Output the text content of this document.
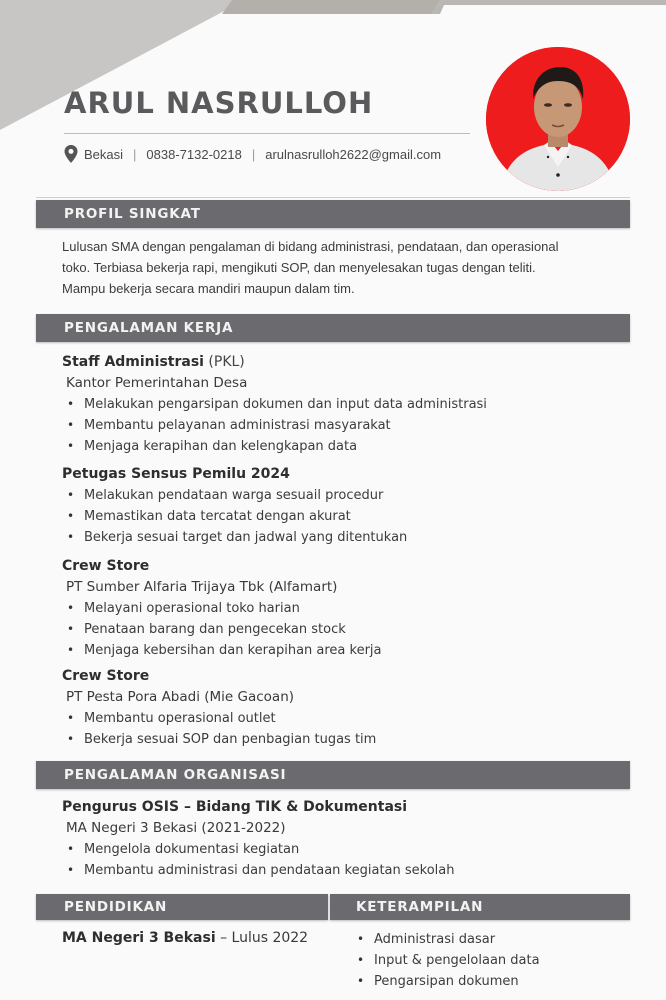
ARUL NASRULLOH
Bekasi | 0838-7132-0218 | arulnasrulloh2622@gmail.com
PROFIL SINGKAT
Lulusan SMA dengan pengalaman di bidang administrasi, pendataan, dan operasional
toko. Terbiasa bekerja rapi, mengikuti SOP, dan menyelesakan tugas dengan teliti.
Mampu bekerja secara mandiri maupun dalam tim.
PENGALAMAN KERJA
Staff Administrasi (PKL)
Kantor Pemerintahan Desa
• Melakukan pengarsipan dokumen dan input data administrasi
• Membantu pelayanan administrasi masyarakat
• Menjaga kerapihan dan kelengkapan data
Petugas Sensus Pemilu 2024
• Melakukan pendataan warga sesuail procedur
• Memastikan data tercatat dengan akurat
• Bekerja sesuai target dan jadwal yang ditentukan
Crew Store
PT Sumber Alfaria Trijaya Tbk (Alfamart)
• Melayani operasional toko harian
• Penataan barang dan pengecekan stock
• Menjaga kebersihan dan kerapihan area kerja
Crew Store
PT Pesta Pora Abadi (Mie Gacoan)
• Membantu operasional outlet
• Bekerja sesuai SOP dan penbagian tugas tim
PENGALAMAN ORGANISASI
Pengurus OSIS – Bidang TIK & Dokumentasi
MA Negeri 3 Bekasi (2021-2022)
• Mengelola dokumentasi kegiatan
• Membantu administrasi dan pendataan kegiatan sekolah
PENDIDIKAN	KETERAMPILAN
MA Negeri 3 Bekasi – Lulus 2022	• Administrasi dasar
• Input & pengelolaan data
• Pengarsipan dokumen
